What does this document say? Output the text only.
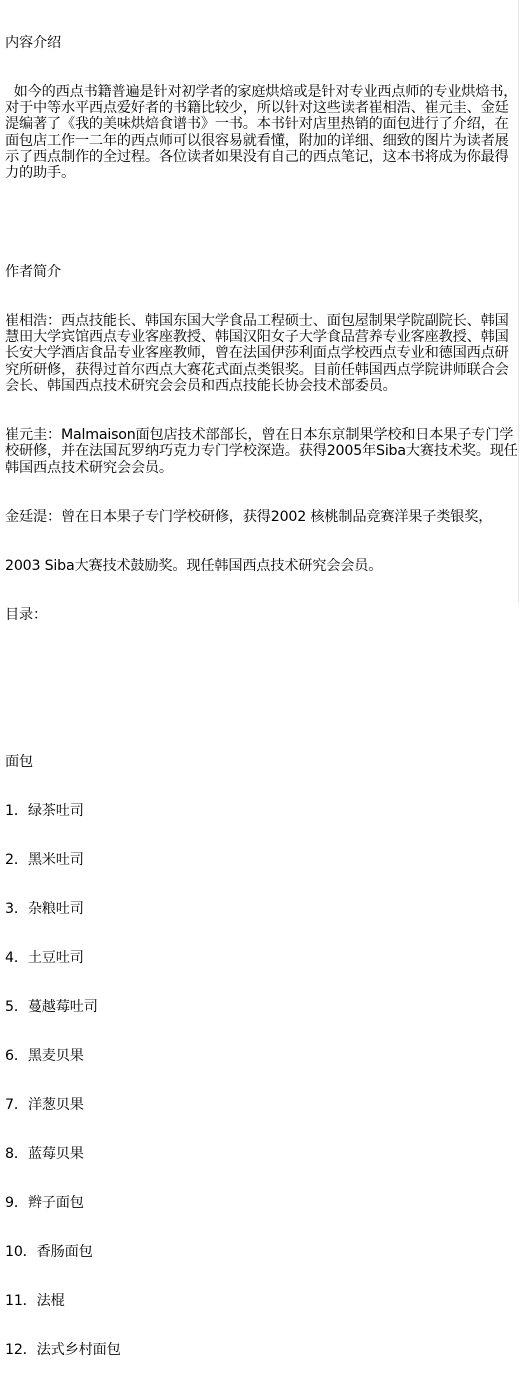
内容介绍

如今的西点书籍普遍是针对初学者的家庭烘焙或是针对专业西点师的专业烘焙书，对于中等水平西点爱好者的书籍比较少，所以针对这些读者崔相浩、崔元圭、金廷湜编著了《我的美味烘焙食谱书》一书。本书针对店里热销的面包进行了介绍，在面包店工作一二年的西点师可以很容易就看懂，附加的详细、细致的图片为读者展示了西点制作的全过程。各位读者如果没有自己的西点笔记，这本书将成为你最得力的助手。

作者简介

崔相浩：西点技能长、韩国东国大学食品工程硕士、面包屋制果学院副院长、韩国慧田大学宾馆西点专业客座教授、韩国汉阳女子大学食品营养专业客座教授、韩国长安大学酒店食品专业客座教师，曾在法国伊莎利面点学校西点专业和德国西点研究所研修，获得过首尔西点大赛花式面点类银奖。目前任韩国西点学院讲师联合会会长、韩国西点技术研究会会员和西点技能长协会技术部委员。

崔元圭：Malmaison面包店技术部部长，曾在日本东京制果学校和日本果子专门学校研修，并在法国瓦罗纳巧克力专门学校深造。获得2005年Siba大赛技术奖。现任韩国西点技术研究会会员。

金廷湜：曾在日本果子专门学校研修，获得2002 核桃制品竞赛洋果子类银奖，

2003 Siba大赛技术鼓励奖。现任韩国西点技术研究会会员。

目录：

面包

1．绿茶吐司

2．黑米吐司

3．杂粮吐司

4．土豆吐司

5．蔓越莓吐司

6．黑麦贝果

7．洋葱贝果

8．蓝莓贝果

9．辫子面包

10．香肠面包

11．法棍

12．法式乡村面包
